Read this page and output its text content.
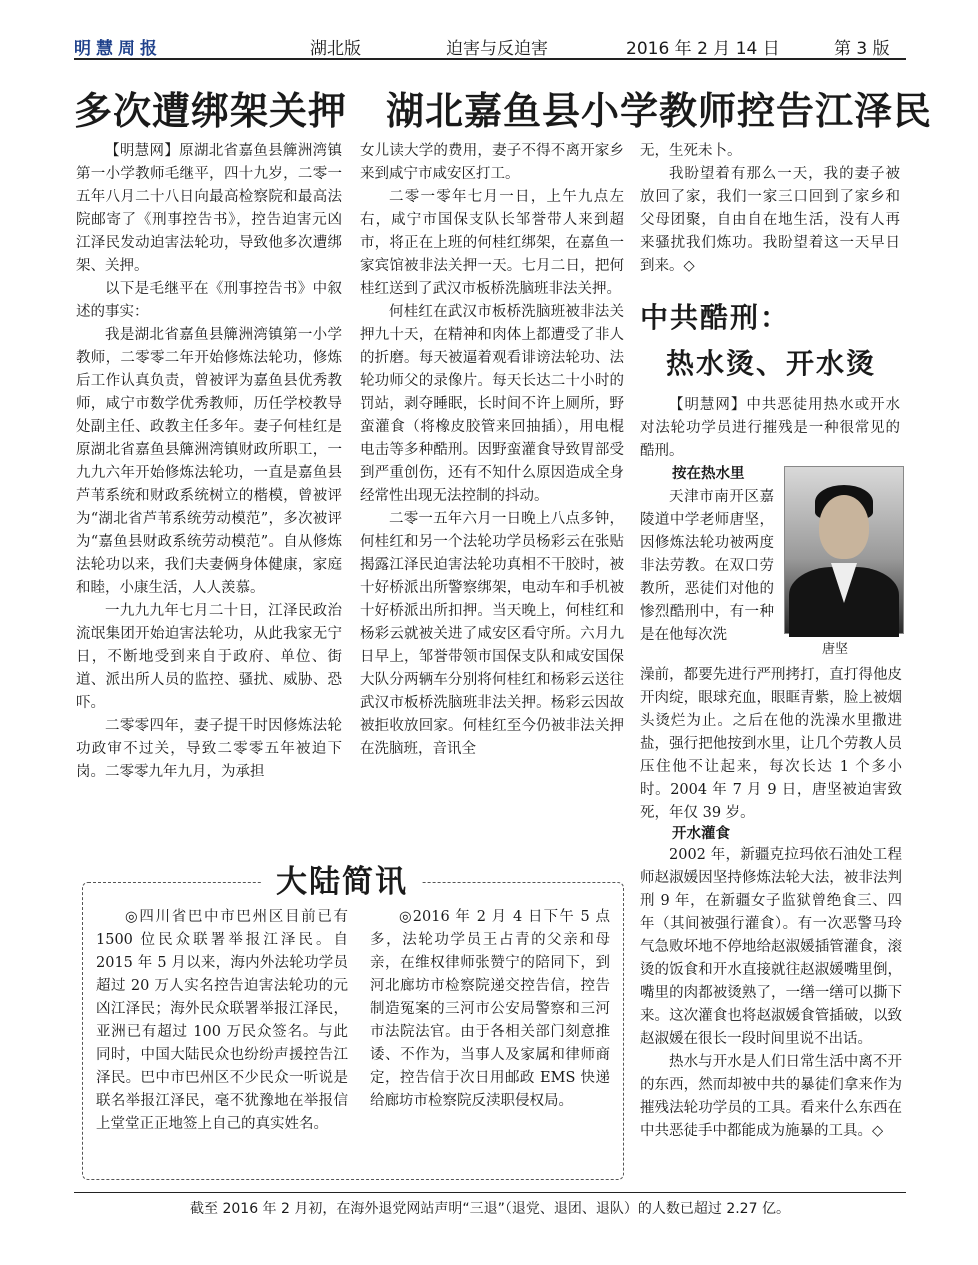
明慧周报	湖北版	迫害与反迫害	2016 年 2 月 14 日	第 3 版
多次遭绑架关押　湖北嘉鱼县小学教师控告江泽民

【明慧网】原湖北省嘉鱼县簰洲湾镇第一小学教师毛继平，四十九岁，二零一五年八月二十八日向最高检察院和最高法院邮寄了《刑事控告书》，控告迫害元凶江泽民发动迫害法轮功，导致他多次遭绑架、关押。

以下是毛继平在《刑事控告书》中叙述的事实：

我是湖北省嘉鱼县簰洲湾镇第一小学教师，二零零二年开始修炼法轮功，修炼后工作认真负责，曾被评为嘉鱼县优秀教师，咸宁市数学优秀教师，历任学校教导处副主任、政教主任多年。妻子何桂红是原湖北省嘉鱼县簰洲湾镇财政所职工，一九九六年开始修炼法轮功，一直是嘉鱼县芦苇系统和财政系统树立的楷模，曾被评为“湖北省芦苇系统劳动模范”，多次被评为“嘉鱼县财政系统劳动模范”。自从修炼法轮功以来，我们夫妻俩身体健康，家庭和睦，小康生活，人人羡慕。

一九九九年七月二十日，江泽民政治流氓集团开始迫害法轮功，从此我家无宁日，不断地受到来自于政府、单位、街道、派出所人员的监控、骚扰、威胁、恐吓。

二零零四年，妻子提干时因修炼法轮功政审不过关，导致二零零五年被迫下岗。二零零九年九月，为承担

女儿读大学的费用，妻子不得不离开家乡来到咸宁市咸安区打工。

二零一零年七月一日，上午九点左右，咸宁市国保支队长邹誉带人来到超市，将正在上班的何桂红绑架，在嘉鱼一家宾馆被非法关押一天。七月二日，把何桂红送到了武汉市板桥洗脑班非法关押。

何桂红在武汉市板桥洗脑班被非法关押九十天，在精神和肉体上都遭受了非人的折磨。每天被逼着观看诽谤法轮功、法轮功师父的录像片。每天长达二十小时的罚站，剥夺睡眠，长时间不许上厕所，野蛮灌食（将橡皮胶管来回抽插），用电棍电击等多种酷刑。因野蛮灌食导致胃部受到严重创伤，还有不知什么原因造成全身经常性出现无法控制的抖动。

二零一五年六月一日晚上八点多钟，何桂红和另一个法轮功学员杨彩云在张贴揭露江泽民迫害法轮功真相不干胶时，被十好桥派出所警察绑架，电动车和手机被十好桥派出所扣押。当天晚上，何桂红和杨彩云就被关进了咸安区看守所。六月九日早上，邹誉带领市国保支队和咸安国保大队分两辆车分别将何桂红和杨彩云送往武汉市板桥洗脑班非法关押。杨彩云因故被拒收放回家。何桂红至今仍被非法关押在洗脑班，音讯全

无，生死未卜。

我盼望着有那么一天，我的妻子被放回了家，我们一家三口回到了家乡和父母团聚，自由自在地生活，没有人再来骚扰我们炼功。我盼望着这一天早日到来。◇

中共酷刑：
热水烫、开水烫

【明慧网】中共恶徒用热水或开水对法轮功学员进行摧残是一种很常见的酷刑。

按在热水里
唐坚

天津市南开区嘉陵道中学老师唐坚，因修炼法轮功被两度非法劳教。在双口劳教所，恶徒们对他的惨烈酷刑中，有一种是在他每次洗

澡前，都要先进行严刑拷打，直打得他皮开肉绽，眼球充血，眼眶青紫，脸上被烟头烫烂为止。之后在他的洗澡水里撒进盐，强行把他按到水里，让几个劳教人员压住他不让起来，每次长达 1 个多小时。2004 年 7 月 9 日，唐坚被迫害致死，年仅 39 岁。

开水灌食

2002 年，新疆克拉玛依石油处工程师赵淑媛因坚持修炼法轮大法，被非法判刑 9 年，在新疆女子监狱曾绝食三、四年（其间被强行灌食）。有一次恶警马玲气急败坏地不停地给赵淑媛插管灌食，滚烫的饭食和开水直接就往赵淑媛嘴里倒，嘴里的肉都被烫熟了，一缮一缮可以撕下来。这次灌食也将赵淑媛食管插破，以致赵淑媛在很长一段时间里说不出话。

热水与开水是人们日常生活中离不开的东西，然而却被中共的暴徒们拿来作为摧残法轮功学员的工具。看来什么东西在中共恶徒手中都能成为施暴的工具。◇

大陆简讯

◎四川省巴中市巴州区目前已有 1500 位民众联署举报江泽民。自 2015 年 5 月以来，海内外法轮功学员超过 20 万人实名控告迫害法轮功的元凶江泽民；海外民众联署举报江泽民，亚洲已有超过 100 万民众签名。与此同时，中国大陆民众也纷纷声援控告江泽民。巴中市巴州区不少民众一听说是联名举报江泽民，毫不犹豫地在举报信上堂堂正正地签上自己的真实姓名。

◎2016 年 2 月 4 日下午 5 点多，法轮功学员王占青的父亲和母亲，在维权律师张赞宁的陪同下，到河北廊坊市检察院递交控告信，控告制造冤案的三河市公安局警察和三河市法院法官。由于各相关部门刻意推诿、不作为，当事人及家属和律师商定，控告信于次日用邮政 EMS 快递给廊坊市检察院反渎职侵权局。

截至 2016 年 2 月初，在海外退党网站声明“三退”（退党、退团、退队）的人数已超过 2.27 亿。
